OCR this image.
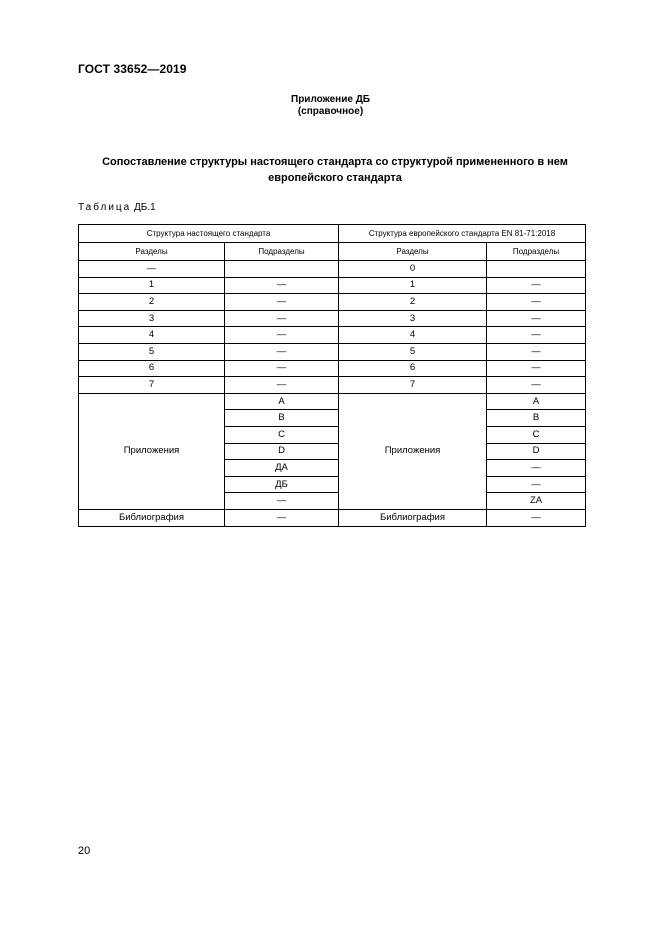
ГОСТ 33652—2019
Приложение ДБ
(справочное)
Сопоставление структуры настоящего стандарта со структурой примененного в нем европейского стандарта
Таблица ДБ.1
Структура настоящего стандарта		Структура европейского стандарта EN 81-71:2018	
Разделы	Подразделы	Разделы	Подразделы
—		0	
1	—	1	—
2	—	2	—
3	—	3	—
4	—	4	—
5	—	5	—
6	—	6	—
7	—	7	—
Приложения	A	Приложения	A
	B		B
	C		C
	D		D
	ДА		—
	ДБ		—
	—		ZA
Библиография	—	Библиография	—
20
